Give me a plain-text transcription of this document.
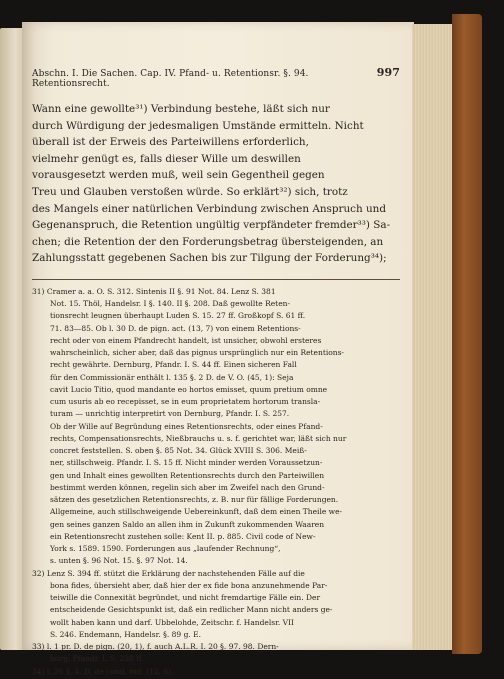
Abschn. I. Die Sachen. Cap. IV. Pfand- u. Retentionsr. §. 94. Retentionsrecht.
997

Wann eine gewollte³¹) Verbindung bestehe, läßt sich nur
durch Würdigung der jedesmaligen Umstände ermitteln. Nicht
überall ist der Erweis des Parteiwillens erforderlich,
vielmehr genügt es, falls dieser Wille um deswillen
vorausgesetzt werden muß, weil sein Gegentheil gegen
Treu und Glauben verstoßen würde. So erklärt³²) sich, trotz
des Mangels einer natürlichen Verbindung zwischen Anspruch und
Gegenanspruch, die Retention ungültig verpfändeter fremder³³) Sa-
chen; die Retention der den Forderungsbetrag übersteigenden, an
Zahlungsstatt gegebenen Sachen bis zur Tilgung der Forderung³⁴);

31) Cramer a. a. O. S. 312. Sintenis II §. 91 Not. 84. Lenz S. 381
Not. 15. Thöl, Handelsr. I §. 140. II §. 208. Daß gewollte Reten-
tionsrecht leugnen überhaupt Luden S. 15. 27 ff. Großkopf S. 61 ff.
71. 83—85. Ob l. 30 D. de pign. act. (13, 7) von einem Retentions-
recht oder von einem Pfandrecht handelt, ist unsicher, obwohl ersteres
wahrscheinlich, sicher aber, daß das pignus ursprünglich nur ein Retentions-
recht gewährte. Dernburg, Pfandr. I. S. 44 ff. Einen sicheren Fall
für den Commissionär enthält l. 135 §. 2 D. de V. O. (45, 1): Seja
cavit Lucio Titio, quod mandante eo hortos emisset, quum pretium omne
cum usuris ab eo recepisset, se in eum proprietatem hortorum transla-
turam — unrichtig interpretirt von Dernburg, Pfandr. I. S. 257.
Ob der Wille auf Begründung eines Retentionsrechts, oder eines Pfand-
rechts, Compensationsrechts, Nießbrauchs u. s. f. gerichtet war, läßt sich nur
concret feststellen. S. oben §. 85 Not. 34. Glück XVIII S. 306. Meiß-
ner, stillschweig. Pfandr. I. S. 15 ff. Nicht minder werden Voraussetzun-
gen und Inhalt eines gewollten Retentionsrechts durch den Parteiwillen
bestimmt werden können, regelin sich aber im Zweifel nach den Grund-
sätzen des gesetzlichen Retentionsrechts, z. B. nur für fällige Forderungen.
Allgemeine, auch stillschweigende Uebereinkunft, daß dem einen Theile we-
gen seines ganzen Saldo an allen ihm in Zukunft zukommenden Waaren
ein Retentionsrecht zustehen solle: Kent II. p. 885. Civil code of New-
York s. 1589. 1590. Forderungen aus „laufender Rechnung“,
s. unten §. 96 Not. 15. §. 97 Not. 14.
32) Lenz S. 394 ff. stützt die Erklärung der nachstehenden Fälle auf die
bona fides, übersieht aber, daß hier der ex fide bona anzunehmende Par-
teiwille die Connexität begründet, und nicht fremdartige Fälle ein. Der
entscheidende Gesichtspunkt ist, daß ein redlicher Mann nicht anders ge-
wollt haben kann und darf. Ubbelohde, Zeitschr. f. Handelsr. VII
S. 246. Endemann, Handelsr. §. 89 g. E.
33) l. 1 pr. D. de pign. (20, 1), f. auch A.L.R. I. 20 §. 97. 98. Dern-
burg, Pfandr. I. S. 238 ff.
34) l. 26 §. 4. D. de cond. ind. (12, 6).
